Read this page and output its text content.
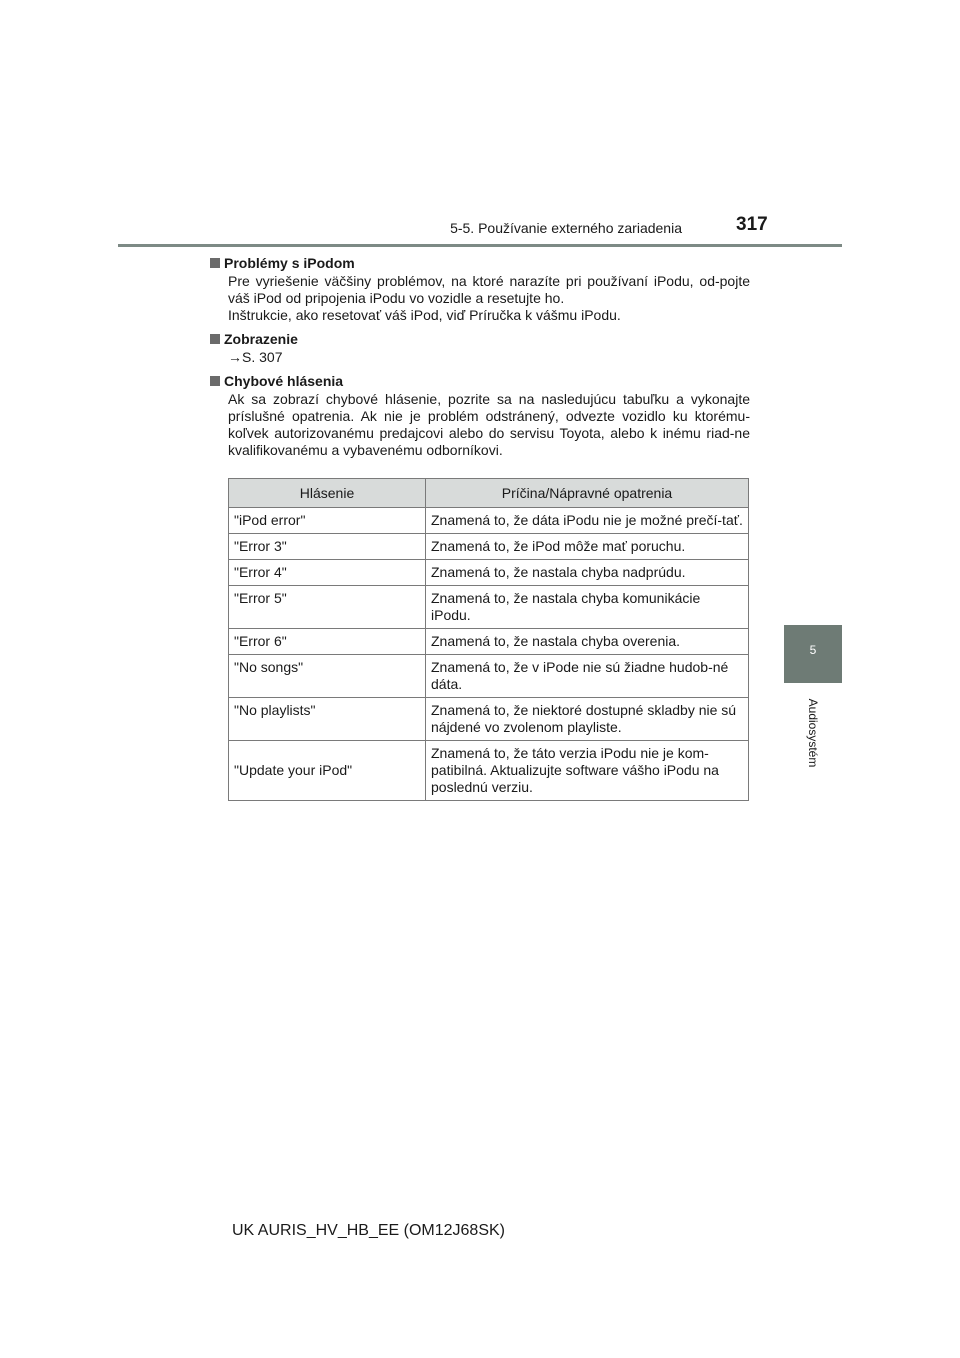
5-5. Používanie externého zariadenia	317
5
Audiosystém
Problémy s iPodom

Pre vyriešenie väčšiny problémov, na ktoré narazíte pri používaní iPodu, od-pojte váš iPod od pripojenia iPodu vo vozidle a resetujte ho.

Inštrukcie, ako resetovať váš iPod, viď Príručka k vášmu iPodu.

Zobrazenie

→S. 307

Chybové hlásenia

Ak sa zobrazí chybové hlásenie, pozrite sa na nasledujúcu tabuľku a vykonajte príslušné opatrenia. Ak nie je problém odstránený, odvezte vozidlo ku ktorému-koľvek autorizovanému predajcovi alebo do servisu Toyota, alebo k inému riad-ne kvalifikovanému a vybavenému odborníkovi.

Hlásenie	Príčina/Nápravné opatrenia
"iPod error"	Znamená to, že dáta iPodu nie je možné prečí-tať.
"Error 3"	Znamená to, že iPod môže mať poruchu.
"Error 4"	Znamená to, že nastala chyba nadprúdu.
"Error 5"	Znamená to, že nastala chyba komunikácie iPodu.
"Error 6"	Znamená to, že nastala chyba overenia.
"No songs"	Znamená to, že v iPode nie sú žiadne hudob-né dáta.
"No playlists"	Znamená to, že niektoré dostupné skladby nie sú nájdené vo zvolenom playliste.
"Update your iPod"	Znamená to, že táto verzia iPodu nie je kom-patibilná. Aktualizujte software vášho iPodu na poslednú verziu.
UK AURIS_HV_HB_EE (OM12J68SK)
